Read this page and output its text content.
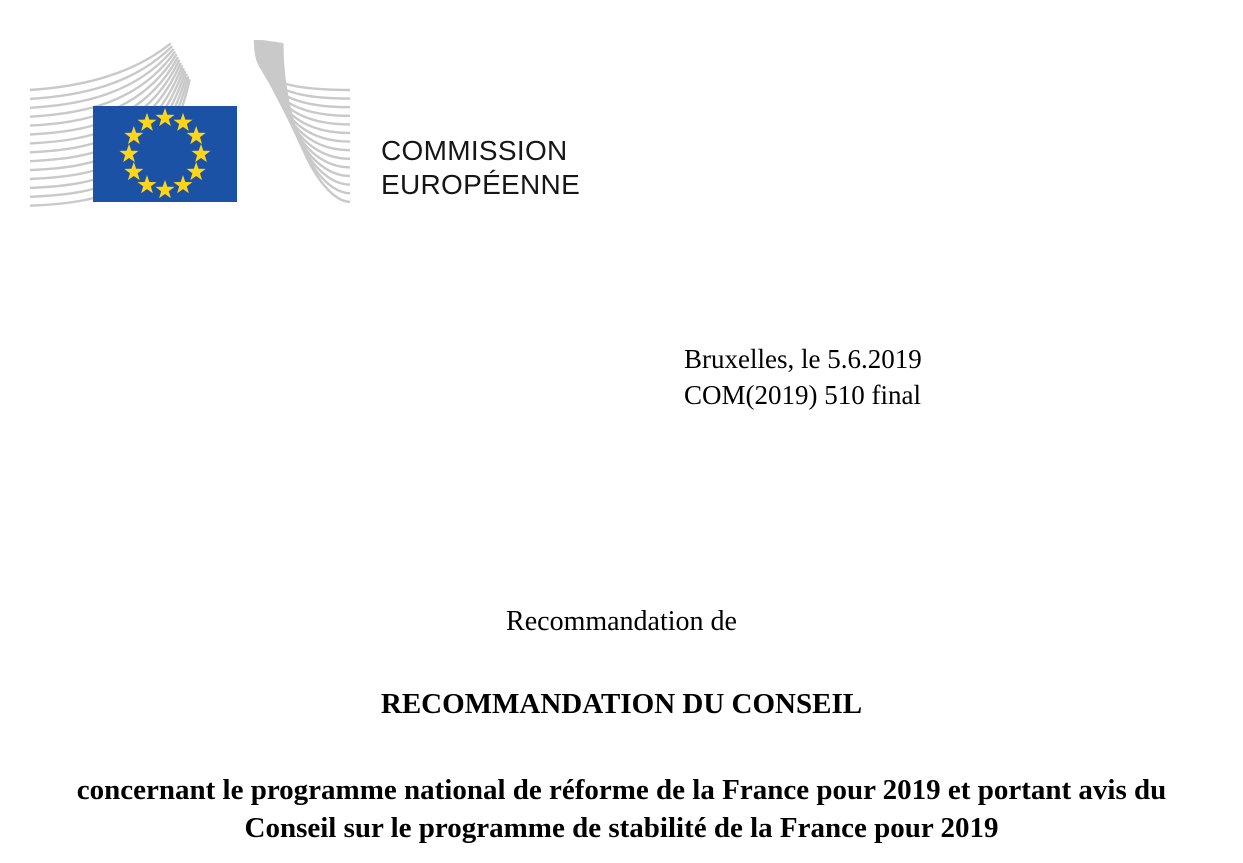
COMMISSION
EUROPÉENNE
Bruxelles, le 5.6.2019
COM(2019) 510 final
Recommandation de
RECOMMANDATION DU CONSEIL
concernant le programme national de réforme de la France pour 2019 et portant avis du
Conseil sur le programme de stabilité de la France pour 2019
